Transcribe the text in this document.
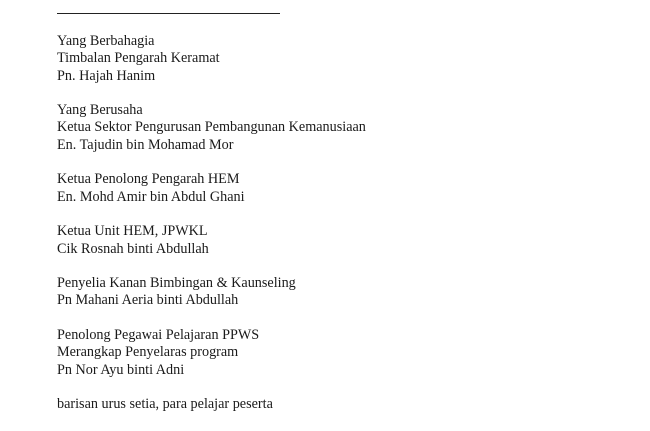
Yang Berbahagia
Timbalan Pengarah Keramat
Pn. Hajah Hanim
Yang Berusaha
Ketua Sektor Pengurusan Pembangunan Kemanusiaan
En. Tajudin bin Mohamad Mor
Ketua Penolong Pengarah HEM
En. Mohd Amir bin Abdul Ghani
Ketua Unit HEM, JPWKL
Cik Rosnah binti Abdullah
Penyelia Kanan Bimbingan & Kaunseling
Pn Mahani Aeria binti Abdullah
Penolong Pegawai Pelajaran PPWS
Merangkap Penyelaras program
Pn Nor Ayu binti Adni
barisan urus setia, para pelajar peserta
